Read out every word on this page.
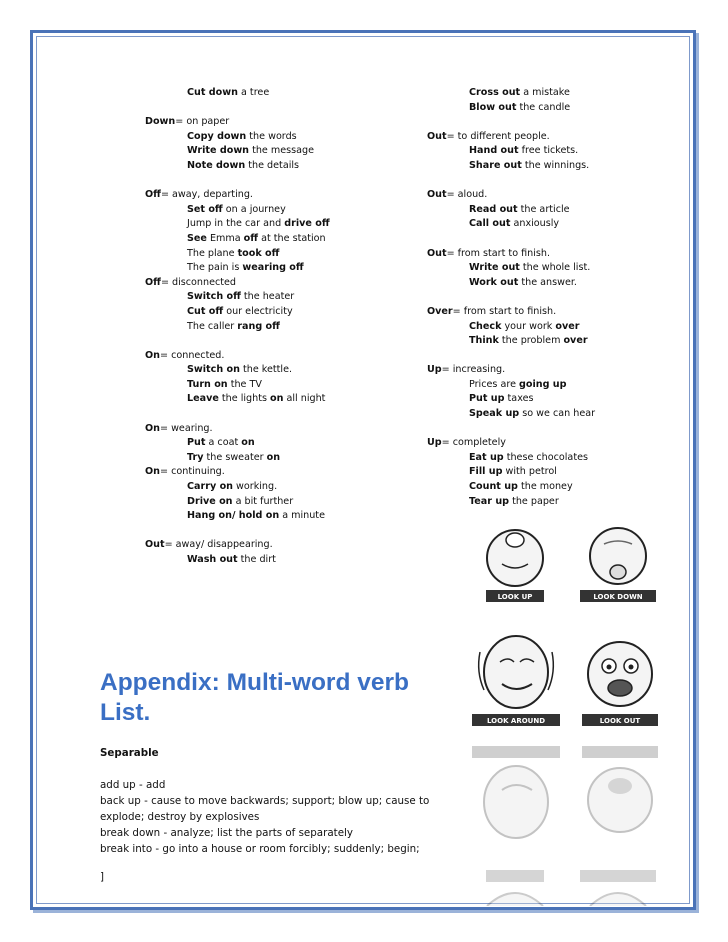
Cut down a tree
Down= on paper
Copy down the words
Write down the message
Note down the details
Off= away, departing.
Set off on a journey
Jump in the car and drive off
See Emma off at the station
The plane took off
The pain is wearing off
Off= disconnected
Switch off the heater
Cut off our electricity
The caller rang off
On= connected.
Switch on the kettle.
Turn on the TV
Leave the lights on all night
On= wearing.
Put a coat on
Try the sweater on
On= continuing.
Carry on working.
Drive on a bit further
Hang on/ hold on a minute
Out= away/ disappearing.
Wash out the dirt
Cross out a mistake
Blow out the candle
Out= to different people.
Hand out free tickets.
Share out the winnings.
Out= aloud.
Read out the article
Call out anxiously
Out= from start to finish.
Write out the whole list.
Work out the answer.
Over= from start to finish.
Check your work over
Think the problem over
Up= increasing.
Prices are going up
Put up taxes
Speak up so we can hear
Up= completely
Eat up these chocolates
Fill up with petrol
Count up the money
Tear up the paper
LOOK UP	LOOK DOWN
LOOK AROUND	LOOK OUT
Appendix: Multi-word verb List.
Separable
add up - add
back up - cause to move backwards; support; blow up; cause to
explode; destroy by explosives
break down - analyze; list the parts of separately
break into - go into a house or room forcibly; suddenly; begin;
]
